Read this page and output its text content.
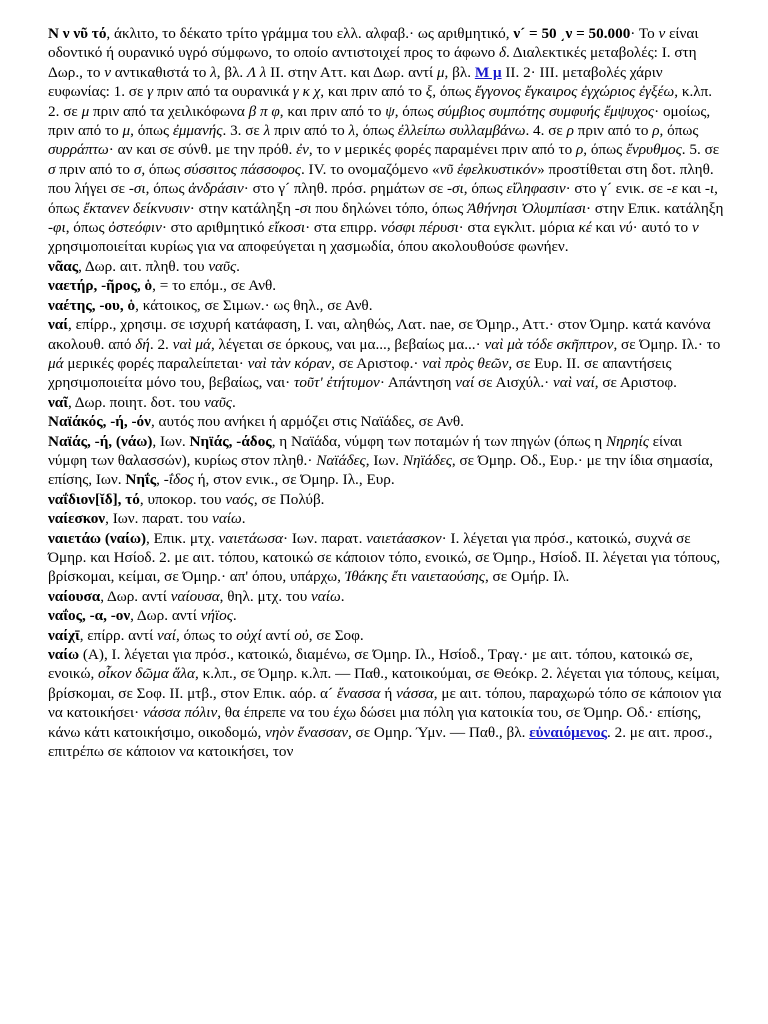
Ν ν νῦ τό, άκλιτο, το δέκατο τρίτο γράμμα του ελλ. αλφαβ.· ως αριθμητικό, ν´ = 50 ͵ν = 50.000· Το ν είναι οδοντικό ή ουρανικό υγρό σύμφωνο, το οποίο αντιστοιχεί προς το άφωνο δ. Διαλεκτικές μεταβολές: Ι. στη Δωρ., το ν αντικαθιστά το λ, βλ. Λ λ ΙΙ. στην Αττ. και Δωρ. αντί μ, βλ. Μ μ ΙΙ. 2· ΙΙΙ. μεταβολές χάριν ευφωνίας: 1. σε γ πριν από τα ουρανικά γ κ χ, και πριν από το ξ, όπως ἔγγονος ἔγκαιρος ἐγχώριος ἐγξέω, κ.λπ. 2. σε μ πριν από τα χειλικόφωνα β π φ, και πριν από το ψ, όπως σύμβιος συμπότης συμφυής ἔμψυχος· ομοίως, πριν από το μ, όπως ἐμμανής. 3. σε λ πριν από το λ, όπως ἐλλείπω συλλαμβάνω. 4. σε ρ πριν από το ρ, όπως συρράπτω· αν και σε σύνθ. με την πρόθ. ἐν, το ν μερικές φορές παραμένει πριν από το ρ, όπως ἔνρυθμος. 5. σε σ πριν από το σ, όπως σύσσιτος πάσσοφος. IV. το ονομαζόμενο «νῦ ἐφελκυστικόν» προστίθεται στη δοτ. πληθ. που λήγει σε -σι, όπως ἀνδράσιν· στο γ´ πληθ. πρόσ. ρημάτων σε -σι, όπως εἴληφασιν· στο γ´ ενικ. σε -ε και -ι, όπως ἔκτανεν δείκνυσιν· στην κατάληξη -σι που δηλώνει τόπο, όπως Ἀθήνησι Ὀλυμπίασι· στην Επικ. κατάληξη -φι, όπως ὀστεόφιν· στο αριθμητικό εἴκοσι· στα επιρρ. νόσφι πέρυσι· στα εγκλιτ. μόρια κέ και νύ· αυτό το ν χρησιμοποιείται κυρίως για να αποφεύγεται η χασμωδία, όπου ακολουθούσε φωνήεν.

νᾶας, Δωρ. αιτ. πληθ. του ναῦς.

ναετήρ, -ῆρος, ὁ, = το επόμ., σε Ανθ.

ναέτης, -ου, ὁ, κάτοικος, σε Σιμων.· ως θηλ., σε Ανθ.

ναί, επίρρ., χρησιμ. σε ισχυρή κατάφαση, Ι. ναι, αληθώς, Λατ. nae, σε Όμηρ., Αττ.· στον Όμηρ. κατά κανόνα ακολουθ. από δή. 2. ναὶ μά, λέγεται σε όρκους, ναι μα..., βεβαίως μα...· ναὶ μὰ τόδε σκῆπτρον, σε Όμηρ. Ιλ.· το μά μερικές φορές παραλείπεται· ναὶ τὰν κόραν, σε Αριστοφ.· ναὶ πρὸς θεῶν, σε Ευρ. ΙΙ. σε απαντήσεις χρησιμοποιείτα μόνο του, βεβαίως, ναι· τοῦτ' ἐτήτυμον· Απάντηση ναί σε Αισχύλ.· ναὶ ναί, σε Αριστοφ.

ναῖ, Δωρ. ποιητ. δοτ. του ναῦς.

Ναϊάκός, -ή, -όν, αυτός που ανήκει ή αρμόζει στις Ναϊάδες, σε Ανθ.

Ναϊάς, -ή, (νάω), Ιων. Νηϊάς, -άδος, η Ναϊάδα, νύμφη των ποταμών ή των πηγών (όπως η Νηρηίς είναι νύμφη των θαλασσών), κυρίως στον πληθ.· Ναϊάδες, Ιων. Νηϊάδες, σε Όμηρ. Οδ., Ευρ.· με την ίδια σημασία, επίσης, Ιων. Νηΐς, -ΐδος ή, στον ενικ., σε Όμηρ. Ιλ., Ευρ.

ναΐδιον[ῐδ], τό, υποκορ. του ναός, σε Πολύβ.

ναίεσκον, Ιων. παρατ. του ναίω.

ναιετάω (ναίω), Επικ. μτχ. ναιετάωσα· Ιων. παρατ. ναιετάασκον· Ι. λέγεται για πρόσ., κατοικώ, συχνά σε Όμηρ. και Ησίοδ. 2. με αιτ. τόπου, κατοικώ σε κάποιον τόπο, ενοικώ, σε Όμηρ., Ησίοδ. ΙΙ. λέγεται για τόπους, βρίσκομαι, κείμαι, σε Όμηρ.· απ' όπου, υπάρχω, Ἰθάκης ἔτι ναιεταούσης, σε Ομήρ. Ιλ.

ναίουσα, Δωρ. αντί ναίουσα, θηλ. μτχ. του ναίω.

ναΐος, -α, -ον, Δωρ. αντί νήϊος.

ναίχῑ, επίρρ. αντί ναί, όπως το οὐχί αντί οὐ, σε Σοφ.

ναίω (Α), Ι. λέγεται για πρόσ., κατοικώ, διαμένω, σε Όμηρ. Ιλ., Ησίοδ., Τραγ.· με αιτ. τόπου, κατοικώ σε, ενοικώ, οἶκον δῶμα ἅλα, κ.λπ., σε Όμηρ. κ.λπ. — Παθ., κατοικούμαι, σε Θεόκρ. 2. λέγεται για τόπους, κείμαι, βρίσκομαι, σε Σοφ. ΙΙ. μτβ., στον Επικ. αόρ. α´ ἔνασσα ή νάσσα, με αιτ. τόπου, παραχωρώ τόπο σε κάποιον για να κατοικήσει· νάσσα πόλιν, θα έπρεπε να του έχω δώσει μια πόλη για κατοικία του, σε Όμηρ. Οδ.· επίσης, κάνω κάτι κατοικήσιμο, οικοδομώ, νηὸν ἔνασσαν, σε Ομηρ. Ύμν. — Παθ., βλ. εὐναιόμενος. 2. με αιτ. προσ., επιτρέπω σε κάποιον να κατοικήσει, τον
